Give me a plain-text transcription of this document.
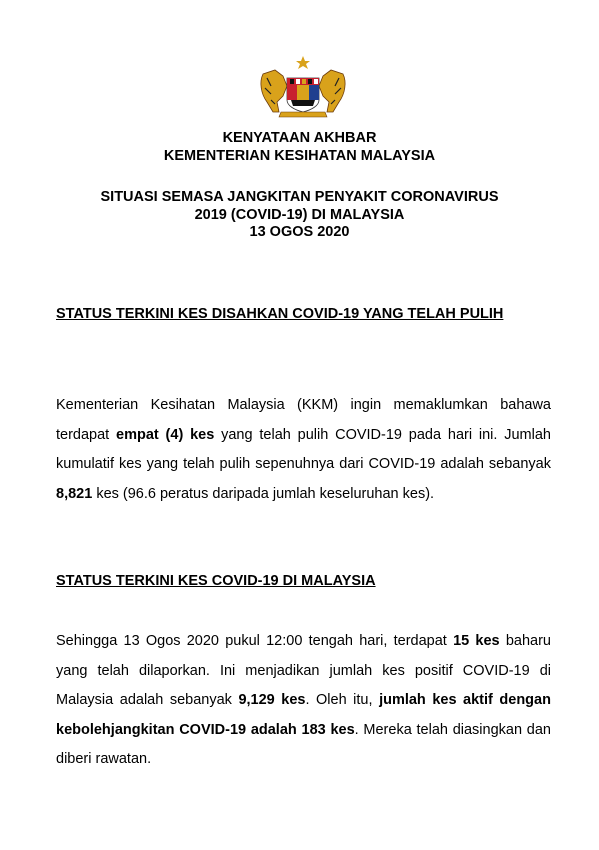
KENYATAAN AKHBAR
KEMENTERIAN KESIHATAN MALAYSIA
SITUASI SEMASA JANGKITAN PENYAKIT CORONAVIRUS
2019 (COVID-19) DI MALAYSIA
13 OGOS 2020
STATUS TERKINI KES DISAHKAN COVID-19 YANG TELAH PULIH
Kementerian Kesihatan Malaysia (KKM) ingin memaklumkan bahawa terdapat empat (4) kes yang telah pulih COVID-19 pada hari ini. Jumlah kumulatif kes yang telah pulih sepenuhnya dari COVID-19 adalah sebanyak 8,821 kes (96.6 peratus daripada jumlah keseluruhan kes).
STATUS TERKINI KES COVID-19 DI MALAYSIA
Sehingga 13 Ogos 2020 pukul 12:00 tengah hari, terdapat 15 kes baharu yang telah dilaporkan. Ini menjadikan jumlah kes positif COVID-19 di Malaysia adalah sebanyak 9,129 kes. Oleh itu, jumlah kes aktif dengan kebolehjangkitan COVID-19 adalah 183 kes. Mereka telah diasingkan dan diberi rawatan.
